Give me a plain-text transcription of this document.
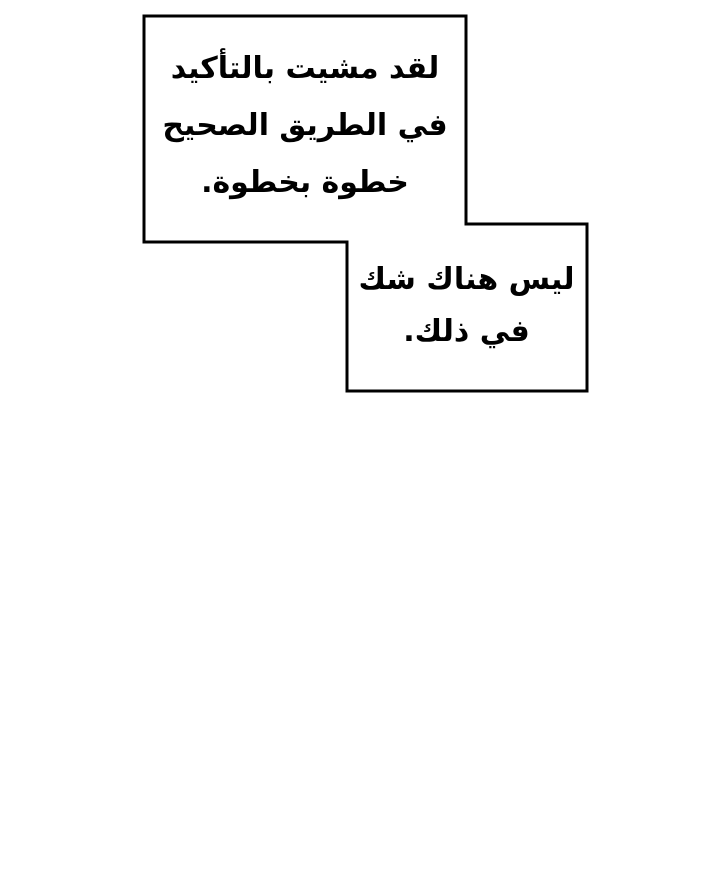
لقد مشيت بالتأكيد
في الطريق الصحيح
خطوة بخطوة.
ليس هناك شك
في ذلك.
